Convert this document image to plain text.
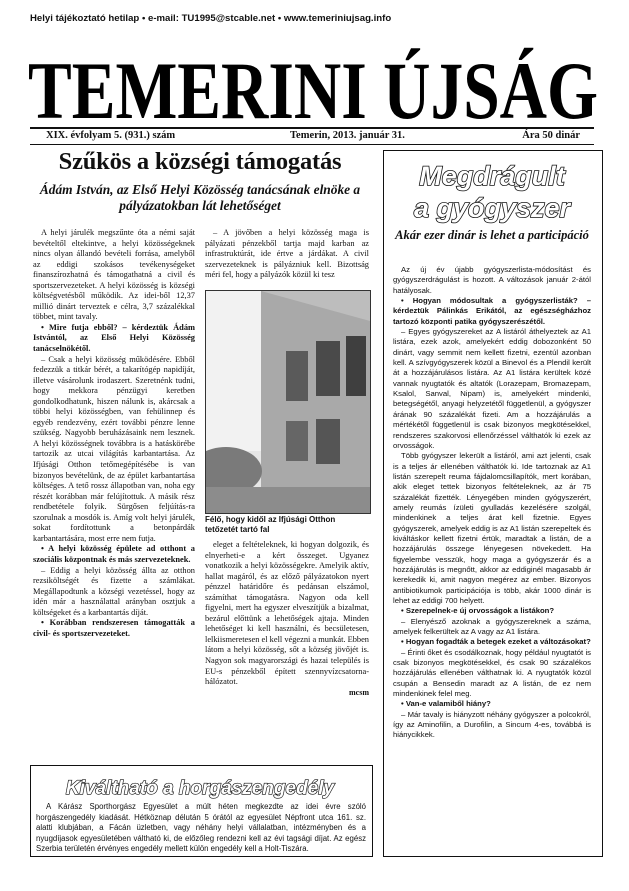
Helyi tájékoztató hetilap • e-mail: TU1995@stcable.net • www.temeriniujsag.info
TEMERINI ÚJSÁG
XIX. évfolyam 5. (931.) szám	Temerin, 2013. január 31.	Ára 50 dinár
Szűkös a községi támogatás
Ádám István, az Első Helyi Közösség tanácsának elnöke a pályázatokban lát lehetőséget

A helyi járulék megszűnte óta a némi saját bevételtől eltekintve, a helyi közösségeknek nincs olyan állandó bevételi forrása, amelyből az eddigi szokásos tevékenységeket finanszírozhatná és támogathatná a civil és sportszervezeteket. A helyi közösség is községi költségvetésből működik. Az idei-ből 12,37 millió dinárt terveztek e célra, 3,7 százalékkal többet, mint tavaly.

• Mire futja ebből? – kérdeztük Ádám Istvántól, az Első Helyi Közösség tanácselnökétől.

– Csak a helyi közösség működésére. Ebből fedezzük a titkár bérét, a takarítógép napidíját, illetve vásárolunk irodaszert. Szeretnénk tudni, hogy mekkora pénzügyi keretben gondolkodhatunk, hiszen nálunk is, akárcsak a többi helyi közösségben, van fehülinnep és egyéb rendezvény, ezért további pénzre lenne szükség. Nagyobb beruházásaink nem lesznek. A helyi közösségnek továbbra is a hatáskörébe tartozik az utcai világítás karbantartása. Az Ifjúsági Otthon tetőmegépítésébe is van bizonyos bevételünk, de az épület karbantartása költséges. A tető rossz állapotban van, noha egy részét korábban már felújítottuk. A másik rész rendbetétele folyik. Sürgősen feljúítás-ra szorulnak a mosdók is. Amíg volt helyi járulék, sokat fordítottunk a betonpárdák karbantartására, most erre nem futja.

• A helyi közösség épülete ad otthont a szociális központnak és más szervezeteknek.

– Eddig a helyi közösség állta az otthon rezsiköltségét és fizette a számlákat. Megállapodtunk a községi vezetéssel, hogy az idén már a használattal arányban osztjuk a költségeket és a karbantartás díját.

• Korábban rendszeresen támogatták a civil- és sportszervezeteket.

– A jövőben a helyi közösség maga is pályázati pénzekből tartja majd karban az infrastruktúrát, ide értve a járdákat. A civil szervezeteknek is pályázniuk kell. Bizottság méri fel, hogy a pályázók közül ki tesz

Félő, hogy kidől az Ifjúsági Otthon tetőzetét tartó fal

eleget a feltételeknek, ki hogyan dolgozik, és elnyerheti-e a kért összeget. Ugyanez vonatkozik a helyi közösségekre. Amelyik aktív, hallat magáról, és az előző pályázatokon nyert pénzzel határidőre és pedánsan elszámol, számíthat támogatásra. Nagyon oda kell figyelni, mert ha egyszer elveszítjük a bizalmat, bezárul előttünk a lehetőségek ajtaja. Minden lehetőséget ki kell használni, és becsületesen, lelkiismeretesen el kell végezni a munkát. Ebben látom a helyi közösség, sőt a község jövőjét is. Nagyon sok magyarországi és hazai település is EU-s pénzekből épített szennyvízcsatorna-hálózatot.

mcsm

Megdrágult
a gyógyszer
Akár ezer dinár is lehet a participáció

Az új év újabb gyógyszerlista-módosítást és gyógyszerdrágulást is hozott. A változások január 2-ától hatályosak.

• Hogyan módosultak a gyógyszerlisták? – kérdeztük Pálinkás Erikától, az egészségházhoz tartozó központi patika gyógyszerészétől.

– Egyes gyógyszereket az A listáról áthelyeztek az A1 listára, ezek azok, amelyekért eddig dobozonként 50 dinárt, vagy semmit nem kellett fizetni, ezentúl azonban kell. A szívgyógyszerek közül a Binevol és a Plendil került át a hozzájárulásos listára. Az A1 listára kerültek közé vannak nyugtatók és altatók (Lorazepam, Bromazepam, Ksalol, Sanval, Nipam) is, amelyekért mindenki, betegségétől, anyagi helyzetétől függetlenül, a gyógyszer árának 90 százalékát fizeti. Am a hozzájárulás a mértékétől függetlenül is csak bizonyos megkötésekkel, rendszeres szakorvosi ellenőrzéssel válthatók ki ezek az orvosságok.

Több gyógyszer lekerült a listáról, ami azt jelenti, csak is a teljes ár ellenében válthatók ki. Ide tartoznak az A1 listán szerepelt reuma fájdalomcsillapítók, mert korában, akik eleget tettek bizonyos feltételeknek, az ár 75 százalékát fizették. Lényegében minden gyógyszerért, amely reumás ízületi gyulladás kezelésére szolgál, mindenkinek a teljes árat kell fizetnie. Egyes gyógyszerek, amelyek eddig is az A1 listán szerepeltek és kiváltáskor kellett fizetni értük, maradtak a listán, de a hozzájárulás összege lényegesen növekedett. Ha figyelembe vesszük, hogy maga a gyógyszerár és a hozzájárulás is megnőtt, akkor az eddiginél magasabb ár kerekedik ki, amit nagyon megérez az ember. Bizonyos antibiotikumok participációja is több, akár 1000 dinár is lehet az eddigi 700 helyett.

• Szerepelnek-e új orvosságok a listákon?

– Elenyésző azoknak a gyógyszereknek a száma, amelyek felkerültek az A vagy az A1 listára.

• Hogyan fogadták a betegek ezeket a változásokat?

– Érinti őket és csodálkoznak, hogy például nyugtatót is csak bizonyos megkötésekkel, és csak 90 százalékos hozzájárulás ellenében válthatnak ki. A nyugtatók közül csupán a Bensedin maradt az A listán, de ez nem mindenkinek felel meg.

• Van-e valamiből hiány?

– Már tavaly is hiányzott néhány gyógyszer a polcokról, így az Aminofilin, a Durofilin, a Sincum 4-es, továbbá is hiánycikkek.

Kiváltható a horgászengedély

A Kárász Sporthorgász Egyesület a múlt héten megkezdte az idei évre szóló horgászengedély kiadását. Hétköznap délután 5 órától az egyesület Népfront utca 161. sz. alatti klubjában, a Fácán üzletben, vagy néhány helyi vállalatban, intézményben és a nyugdíjasok egyesületében váltható ki, de előzőleg rendezni kell az évi tagsági díjat. Az egész Szerbia területén érvényes engedély mellett külön engedély kell a Holt-Tiszára.
